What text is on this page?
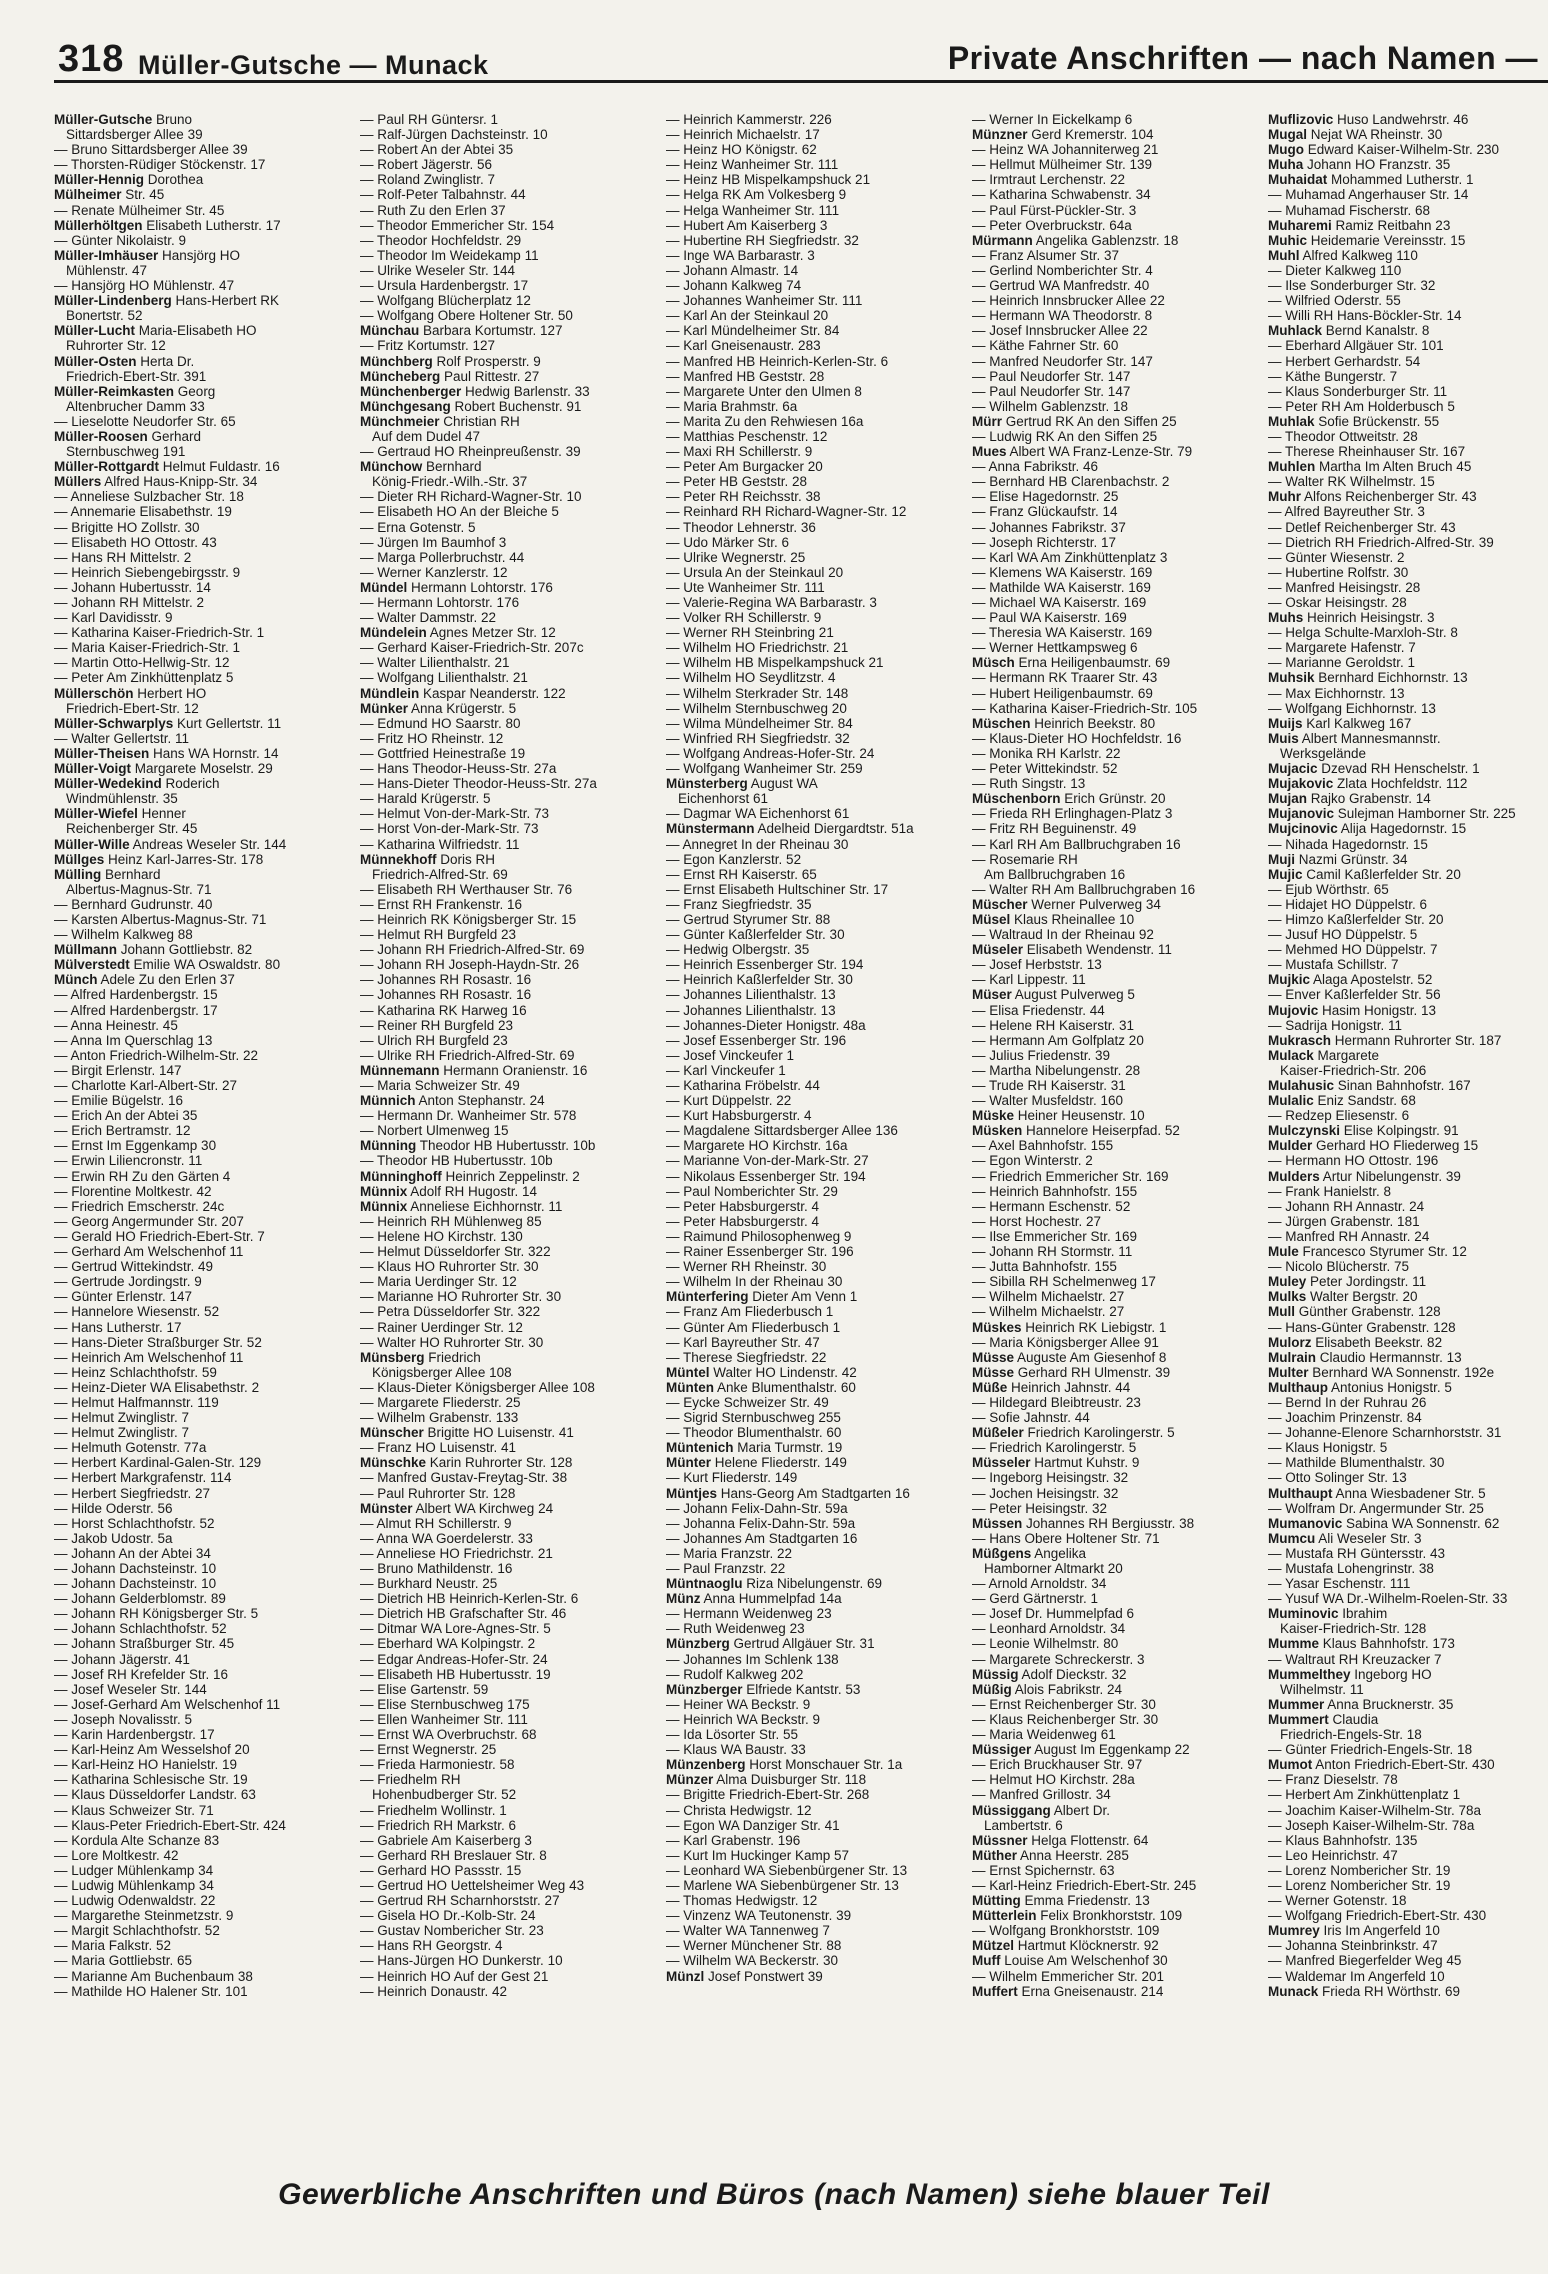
318 Müller-Gutsche — Munack	Private Anschriften — nach Namen —
Müller-Gutsche Bruno
Sittardsberger Allee 39
— Bruno Sittardsberger Allee 39
— Thorsten-Rüdiger Stöckenstr. 17
Müller-Hennig Dorothea
Mülheimer Str. 45
— Renate Mülheimer Str. 45
Müllerhöltgen Elisabeth Lutherstr. 17
— Günter Nikolaistr. 9
Müller-Imhäuser Hansjörg HO
Mühlenstr. 47
— Hansjörg HO Mühlenstr. 47
Müller-Lindenberg Hans-Herbert RK
Bonertstr. 52
Müller-Lucht Maria-Elisabeth HO
Ruhrorter Str. 12
Müller-Osten Herta Dr.
Friedrich-Ebert-Str. 391
Müller-Reimkasten Georg
Altenbrucher Damm 33
— Lieselotte Neudorfer Str. 65
Müller-Roosen Gerhard
Sternbuschweg 191
Müller-Rottgardt Helmut Fuldastr. 16
Müllers Alfred Haus-Knipp-Str. 34
— Anneliese Sulzbacher Str. 18
— Annemarie Elisabethstr. 19
— Brigitte HO Zollstr. 30
— Elisabeth HO Ottostr. 43
— Hans RH Mittelstr. 2
— Heinrich Siebengebirgsstr. 9
— Johann Hubertusstr. 14
— Johann RH Mittelstr. 2
— Karl Davidisstr. 9
— Katharina Kaiser-Friedrich-Str. 1
— Maria Kaiser-Friedrich-Str. 1
— Martin Otto-Hellwig-Str. 12
— Peter Am Zinkhüttenplatz 5
Müllerschön Herbert HO
Friedrich-Ebert-Str. 12
Müller-Schwarplys Kurt Gellertstr. 11
— Walter Gellertstr. 11
Müller-Theisen Hans WA Hornstr. 14
Müller-Voigt Margarete Moselstr. 29
Müller-Wedekind Roderich
Windmühlenstr. 35
Müller-Wiefel Henner
Reichenberger Str. 45
Müller-Wille Andreas Weseler Str. 144
Müllges Heinz Karl-Jarres-Str. 178
Mülling Bernhard
Albertus-Magnus-Str. 71
— Bernhard Gudrunstr. 40
— Karsten Albertus-Magnus-Str. 71
— Wilhelm Kalkweg 88
Müllmann Johann Gottliebstr. 82
Mülverstedt Emilie WA Oswaldstr. 80
Münch Adele Zu den Erlen 37
— Alfred Hardenbergstr. 15
— Alfred Hardenbergstr. 17
— Anna Heinestr. 45
— Anna Im Querschlag 13
— Anton Friedrich-Wilhelm-Str. 22
— Birgit Erlenstr. 147
— Charlotte Karl-Albert-Str. 27
— Emilie Bügelstr. 16
— Erich An der Abtei 35
— Erich Bertramstr. 12
— Ernst Im Eggenkamp 30
— Erwin Liliencronstr. 11
— Erwin RH Zu den Gärten 4
— Florentine Moltkestr. 42
— Friedrich Emscherstr. 24c
— Georg Angermunder Str. 207
— Gerald HO Friedrich-Ebert-Str. 7
— Gerhard Am Welschenhof 11
— Gertrud Wittekindstr. 49
— Gertrude Jordingstr. 9
— Günter Erlenstr. 147
— Hannelore Wiesenstr. 52
— Hans Lutherstr. 17
— Hans-Dieter Straßburger Str. 52
— Heinrich Am Welschenhof 11
— Heinz Schlachthofstr. 59
— Heinz-Dieter WA Elisabethstr. 2
— Helmut Halfmannstr. 119
— Helmut Zwinglistr. 7
— Helmut Zwinglistr. 7
— Helmuth Gotenstr. 77a
— Herbert Kardinal-Galen-Str. 129
— Herbert Markgrafenstr. 114
— Herbert Siegfriedstr. 27
— Hilde Oderstr. 56
— Horst Schlachthofstr. 52
— Jakob Udostr. 5a
— Johann An der Abtei 34
— Johann Dachsteinstr. 10
— Johann Dachsteinstr. 10
— Johann Gelderblomstr. 89
— Johann RH Königsberger Str. 5
— Johann Schlachthofstr. 52
— Johann Straßburger Str. 45
— Johann Jägerstr. 41
— Josef RH Krefelder Str. 16
— Josef Weseler Str. 144
— Josef-Gerhard Am Welschenhof 11
— Joseph Novalisstr. 5
— Karin Hardenbergstr. 17
— Karl-Heinz Am Wesselshof 20
— Karl-Heinz HO Hanielstr. 19
— Katharina Schlesische Str. 19
— Klaus Düsseldorfer Landstr. 63
— Klaus Schweizer Str. 71
— Klaus-Peter Friedrich-Ebert-Str. 424
— Kordula Alte Schanze 83
— Lore Moltkestr. 42
— Ludger Mühlenkamp 34
— Ludwig Mühlenkamp 34
— Ludwig Odenwaldstr. 22
— Margarethe Steinmetzstr. 9
— Margit Schlachthofstr. 52
— Maria Falkstr. 52
— Maria Gottliebstr. 65
— Marianne Am Buchenbaum 38
— Mathilde HO Halener Str. 101
— Paul RH Güntersr. 1
— Ralf-Jürgen Dachsteinstr. 10
— Robert An der Abtei 35
— Robert Jägerstr. 56
— Roland Zwinglistr. 7
— Rolf-Peter Talbahnstr. 44
— Ruth Zu den Erlen 37
— Theodor Emmericher Str. 154
— Theodor Hochfeldstr. 29
— Theodor Im Weidekamp 11
— Ulrike Weseler Str. 144
— Ursula Hardenbergstr. 17
— Wolfgang Blücherplatz 12
— Wolfgang Obere Holtener Str. 50
Münchau Barbara Kortumstr. 127
— Fritz Kortumstr. 127
Münchberg Rolf Prosperstr. 9
Müncheberg Paul Rittestr. 27
Münchenberger Hedwig Barlenstr. 33
Münchgesang Robert Buchenstr. 91
Münchmeier Christian RH
Auf dem Dudel 47
— Gertraud HO Rheinpreußenstr. 39
Münchow Bernhard
König-Friedr.-Wilh.-Str. 37
— Dieter RH Richard-Wagner-Str. 10
— Elisabeth HO An der Bleiche 5
— Erna Gotenstr. 5
— Jürgen Im Baumhof 3
— Marga Pollerbruchstr. 44
— Werner Kanzlerstr. 12
Mündel Hermann Lohtorstr. 176
— Hermann Lohtorstr. 176
— Walter Dammstr. 22
Mündelein Agnes Metzer Str. 12
— Gerhard Kaiser-Friedrich-Str. 207c
— Walter Lilienthalstr. 21
— Wolfgang Lilienthalstr. 21
Mündlein Kaspar Neanderstr. 122
Münker Anna Krügerstr. 5
— Edmund HO Saarstr. 80
— Fritz HO Rheinstr. 12
— Gottfried Heinestraße 19
— Hans Theodor-Heuss-Str. 27a
— Hans-Dieter Theodor-Heuss-Str. 27a
— Harald Krügerstr. 5
— Helmut Von-der-Mark-Str. 73
— Horst Von-der-Mark-Str. 73
— Katharina Wilfriedstr. 11
Münnekhoff Doris RH
Friedrich-Alfred-Str. 69
— Elisabeth RH Werthauser Str. 76
— Ernst RH Frankenstr. 16
— Heinrich RK Königsberger Str. 15
— Helmut RH Burgfeld 23
— Johann RH Friedrich-Alfred-Str. 69
— Johann RH Joseph-Haydn-Str. 26
— Johannes RH Rosastr. 16
— Johannes RH Rosastr. 16
— Katharina RK Harweg 16
— Reiner RH Burgfeld 23
— Ulrich RH Burgfeld 23
— Ulrike RH Friedrich-Alfred-Str. 69
Münnemann Hermann Oranienstr. 16
— Maria Schweizer Str. 49
Münnich Anton Stephanstr. 24
— Hermann Dr. Wanheimer Str. 578
— Norbert Ulmenweg 15
Münning Theodor HB Hubertusstr. 10b
— Theodor HB Hubertusstr. 10b
Münninghoff Heinrich Zeppelinstr. 2
Münnix Adolf RH Hugostr. 14
Münnix Anneliese Eichhornstr. 11
— Heinrich RH Mühlenweg 85
— Helene HO Kirchstr. 130
— Helmut Düsseldorfer Str. 322
— Klaus HO Ruhrorter Str. 30
— Maria Uerdinger Str. 12
— Marianne HO Ruhrorter Str. 30
— Petra Düsseldorfer Str. 322
— Rainer Uerdinger Str. 12
— Walter HO Ruhrorter Str. 30
Münsberg Friedrich
Königsberger Allee 108
— Klaus-Dieter Königsberger Allee 108
— Margarete Fliederstr. 25
— Wilhelm Grabenstr. 133
Münscher Brigitte HO Luisenstr. 41
— Franz HO Luisenstr. 41
Münschke Karin Ruhrorter Str. 128
— Manfred Gustav-Freytag-Str. 38
— Paul Ruhrorter Str. 128
Münster Albert WA Kirchweg 24
— Almut RH Schillerstr. 9
— Anna WA Goerdelerstr. 33
— Anneliese HO Friedrichstr. 21
— Bruno Mathildenstr. 16
— Burkhard Neustr. 25
— Dietrich HB Heinrich-Kerlen-Str. 6
— Dietrich HB Grafschafter Str. 46
— Ditmar WA Lore-Agnes-Str. 5
— Eberhard WA Kolpingstr. 2
— Edgar Andreas-Hofer-Str. 24
— Elisabeth HB Hubertusstr. 19
— Elise Gartenstr. 59
— Elise Sternbuschweg 175
— Ellen Wanheimer Str. 111
— Ernst WA Overbruchstr. 68
— Ernst Wegnerstr. 25
— Frieda Harmoniestr. 58
— Friedhelm RH
Hohenbudberger Str. 52
— Friedhelm Wollinstr. 1
— Friedrich RH Markstr. 6
— Gabriele Am Kaiserberg 3
— Gerhard RH Breslauer Str. 8
— Gerhard HO Passstr. 15
— Gertrud HO Uettelsheimer Weg 43
— Gertrud RH Scharnhorststr. 27
— Gisela HO Dr.-Kolb-Str. 24
— Gustav Nombericher Str. 23
— Hans RH Georgstr. 4
— Hans-Jürgen HO Dunkerstr. 10
— Heinrich HO Auf der Gest 21
— Heinrich Donaustr. 42
— Heinrich Kammerstr. 226
— Heinrich Michaelstr. 17
— Heinz HO Königstr. 62
— Heinz Wanheimer Str. 111
— Heinz HB Mispelkampshuck 21
— Helga RK Am Volkesberg 9
— Helga Wanheimer Str. 111
— Hubert Am Kaiserberg 3
— Hubertine RH Siegfriedstr. 32
— Inge WA Barbarastr. 3
— Johann Almastr. 14
— Johann Kalkweg 74
— Johannes Wanheimer Str. 111
— Karl An der Steinkaul 20
— Karl Mündelheimer Str. 84
— Karl Gneisenaustr. 283
— Manfred HB Heinrich-Kerlen-Str. 6
— Manfred HB Geststr. 28
— Margarete Unter den Ulmen 8
— Maria Brahmstr. 6a
— Marita Zu den Rehwiesen 16a
— Matthias Peschenstr. 12
— Maxi RH Schillerstr. 9
— Peter Am Burgacker 20
— Peter HB Geststr. 28
— Peter RH Reichsstr. 38
— Reinhard RH Richard-Wagner-Str. 12
— Theodor Lehnerstr. 36
— Udo Märker Str. 6
— Ulrike Wegnerstr. 25
— Ursula An der Steinkaul 20
— Ute Wanheimer Str. 111
— Valerie-Regina WA Barbarastr. 3
— Volker RH Schillerstr. 9
— Werner RH Steinbring 21
— Wilhelm HO Friedrichstr. 21
— Wilhelm HB Mispelkampshuck 21
— Wilhelm HO Seydlitzstr. 4
— Wilhelm Sterkrader Str. 148
— Wilhelm Sternbuschweg 20
— Wilma Mündelheimer Str. 84
— Winfried RH Siegfriedstr. 32
— Wolfgang Andreas-Hofer-Str. 24
— Wolfgang Wanheimer Str. 259
Münsterberg August WA
Eichenhorst 61
— Dagmar WA Eichenhorst 61
Münstermann Adelheid Diergardtstr. 51a
— Annegret In der Rheinau 30
— Egon Kanzlerstr. 52
— Ernst RH Kaiserstr. 65
— Ernst Elisabeth Hultschiner Str. 17
— Franz Siegfriedstr. 35
— Gertrud Styrumer Str. 88
— Günter Kaßlerfelder Str. 30
— Hedwig Olbergstr. 35
— Heinrich Essenberger Str. 194
— Heinrich Kaßlerfelder Str. 30
— Johannes Lilienthalstr. 13
— Johannes Lilienthalstr. 13
— Johannes-Dieter Honigstr. 48a
— Josef Essenberger Str. 196
— Josef Vinckeufer 1
— Karl Vinckeufer 1
— Katharina Fröbelstr. 44
— Kurt Düppelstr. 22
— Kurt Habsburgerstr. 4
— Magdalene Sittardsberger Allee 136
— Margarete HO Kirchstr. 16a
— Marianne Von-der-Mark-Str. 27
— Nikolaus Essenberger Str. 194
— Paul Nomberichter Str. 29
— Peter Habsburgerstr. 4
— Peter Habsburgerstr. 4
— Raimund Philosophenweg 9
— Rainer Essenberger Str. 196
— Werner RH Rheinstr. 30
— Wilhelm In der Rheinau 30
Münterfering Dieter Am Venn 1
— Franz Am Fliederbusch 1
— Günter Am Fliederbusch 1
— Karl Bayreuther Str. 47
— Therese Siegfriedstr. 22
Müntel Walter HO Lindenstr. 42
Münten Anke Blumenthalstr. 60
— Eycke Schweizer Str. 49
— Sigrid Sternbuschweg 255
— Theodor Blumenthalstr. 60
Müntenich Maria Turmstr. 19
Münter Helene Fliederstr. 149
— Kurt Fliederstr. 149
Müntjes Hans-Georg Am Stadtgarten 16
— Johann Felix-Dahn-Str. 59a
— Johanna Felix-Dahn-Str. 59a
— Johannes Am Stadtgarten 16
— Maria Franzstr. 22
— Paul Franzstr. 22
Müntnaoglu Riza Nibelungenstr. 69
Münz Anna Hummelpfad 14a
— Hermann Weidenweg 23
— Ruth Weidenweg 23
Münzberg Gertrud Allgäuer Str. 31
— Johannes Im Schlenk 138
— Rudolf Kalkweg 202
Münzberger Elfriede Kantstr. 53
— Heiner WA Beckstr. 9
— Heinrich WA Beckstr. 9
— Ida Lösorter Str. 55
— Klaus WA Baustr. 33
Münzenberg Horst Monschauer Str. 1a
Münzer Alma Duisburger Str. 118
— Brigitte Friedrich-Ebert-Str. 268
— Christa Hedwigstr. 12
— Egon WA Danziger Str. 41
— Karl Grabenstr. 196
— Kurt Im Huckinger Kamp 57
— Leonhard WA Siebenbürgener Str. 13
— Marlene WA Siebenbürgener Str. 13
— Thomas Hedwigstr. 12
— Vinzenz WA Teutonenstr. 39
— Walter WA Tannenweg 7
— Werner Münchener Str. 88
— Wilhelm WA Beckerstr. 30
Münzl Josef Ponstwert 39
— Werner In Eickelkamp 6
Münzner Gerd Kremerstr. 104
— Heinz WA Johanniterweg 21
— Hellmut Mülheimer Str. 139
— Irmtraut Lerchenstr. 22
— Katharina Schwabenstr. 34
— Paul Fürst-Pückler-Str. 3
— Peter Overbruckstr. 64a
Mürmann Angelika Gablenzstr. 18
— Franz Alsumer Str. 37
— Gerlind Nomberichter Str. 4
— Gertrud WA Manfredstr. 40
— Heinrich Innsbrucker Allee 22
— Hermann WA Theodorstr. 8
— Josef Innsbrucker Allee 22
— Käthe Fahrner Str. 60
— Manfred Neudorfer Str. 147
— Paul Neudorfer Str. 147
— Paul Neudorfer Str. 147
— Wilhelm Gablenzstr. 18
Mürr Gertrud RK An den Siffen 25
— Ludwig RK An den Siffen 25
Mues Albert WA Franz-Lenze-Str. 79
— Anna Fabrikstr. 46
— Bernhard HB Clarenbachstr. 2
— Elise Hagedornstr. 25
— Franz Glückaufstr. 14
— Johannes Fabrikstr. 37
— Joseph Richterstr. 17
— Karl WA Am Zinkhüttenplatz 3
— Klemens WA Kaiserstr. 169
— Mathilde WA Kaiserstr. 169
— Michael WA Kaiserstr. 169
— Paul WA Kaiserstr. 169
— Theresia WA Kaiserstr. 169
— Werner Hettkampsweg 6
Müsch Erna Heiligenbaumstr. 69
— Hermann RK Traarer Str. 43
— Hubert Heiligenbaumstr. 69
— Katharina Kaiser-Friedrich-Str. 105
Müschen Heinrich Beekstr. 80
— Klaus-Dieter HO Hochfeldstr. 16
— Monika RH Karlstr. 22
— Peter Wittekindstr. 52
— Ruth Singstr. 13
Müschenborn Erich Grünstr. 20
— Frieda RH Erlinghagen-Platz 3
— Fritz RH Beguinenstr. 49
— Karl RH Am Ballbruchgraben 16
— Rosemarie RH
Am Ballbruchgraben 16
— Walter RH Am Ballbruchgraben 16
Müscher Werner Pulverweg 34
Müsel Klaus Rheinallee 10
— Waltraud In der Rheinau 92
Müseler Elisabeth Wendenstr. 11
— Josef Herbststr. 13
— Karl Lippestr. 11
Müser August Pulverweg 5
— Elisa Friedenstr. 44
— Helene RH Kaiserstr. 31
— Hermann Am Golfplatz 20
— Julius Friedenstr. 39
— Martha Nibelungenstr. 28
— Trude RH Kaiserstr. 31
— Walter Musfeldstr. 160
Müske Heiner Heusenstr. 10
Müsken Hannelore Heiserpfad. 52
— Axel Bahnhofstr. 155
— Egon Winterstr. 2
— Friedrich Emmericher Str. 169
— Heinrich Bahnhofstr. 155
— Hermann Eschenstr. 52
— Horst Hochestr. 27
— Ilse Emmericher Str. 169
— Johann RH Stormstr. 11
— Jutta Bahnhofstr. 155
— Sibilla RH Schelmenweg 17
— Wilhelm Michaelstr. 27
— Wilhelm Michaelstr. 27
Müskes Heinrich RK Liebigstr. 1
— Maria Königsberger Allee 91
Müsse Auguste Am Giesenhof 8
Müsse Gerhard RH Ulmenstr. 39
Müße Heinrich Jahnstr. 44
— Hildegard Bleibtreustr. 23
— Sofie Jahnstr. 44
Müßeler Friedrich Karolingerstr. 5
— Friedrich Karolingerstr. 5
Müsseler Hartmut Kuhstr. 9
— Ingeborg Heisingstr. 32
— Jochen Heisingstr. 32
— Peter Heisingstr. 32
Müssen Johannes RH Bergiusstr. 38
— Hans Obere Holtener Str. 71
Müßgens Angelika
Hamborner Altmarkt 20
— Arnold Arnoldstr. 34
— Gerd Gärtnerstr. 1
— Josef Dr. Hummelpfad 6
— Leonhard Arnoldstr. 34
— Leonie Wilhelmstr. 80
— Margarete Schreckerstr. 3
Müssig Adolf Dieckstr. 32
Müßig Alois Fabrikstr. 24
— Ernst Reichenberger Str. 30
— Klaus Reichenberger Str. 30
— Maria Weidenweg 61
Müssiger August Im Eggenkamp 22
— Erich Bruckhauser Str. 97
— Helmut HO Kirchstr. 28a
— Manfred Grillostr. 34
Müssiggang Albert Dr.
Lambertstr. 6
Müssner Helga Flottenstr. 64
Müther Anna Heerstr. 285
— Ernst Spichernstr. 63
— Karl-Heinz Friedrich-Ebert-Str. 245
Mütting Emma Friedenstr. 13
Mütterlein Felix Bronkhorststr. 109
— Wolfgang Bronkhorststr. 109
Mützel Hartmut Klöcknerstr. 92
Muff Louise Am Welschenhof 30
— Wilhelm Emmericher Str. 201
Muffert Erna Gneisenaustr. 214
Muflizovic Huso Landwehrstr. 46
Mugal Nejat WA Rheinstr. 30
Mugo Edward Kaiser-Wilhelm-Str. 230
Muha Johann HO Franzstr. 35
Muhaidat Mohammed Lutherstr. 1
— Muhamad Angerhauser Str. 14
— Muhamad Fischerstr. 68
Muharemi Ramiz Reitbahn 23
Muhic Heidemarie Vereinsstr. 15
Muhl Alfred Kalkweg 110
— Dieter Kalkweg 110
— Ilse Sonderburger Str. 32
— Wilfried Oderstr. 55
— Willi RH Hans-Böckler-Str. 14
Muhlack Bernd Kanalstr. 8
— Eberhard Allgäuer Str. 101
— Herbert Gerhardstr. 54
— Käthe Bungerstr. 7
— Klaus Sonderburger Str. 11
— Peter RH Am Holderbusch 5
Muhlak Sofie Brückenstr. 55
— Theodor Ottweitstr. 28
— Therese Rheinhauser Str. 167
Muhlen Martha Im Alten Bruch 45
— Walter RK Wilhelmstr. 15
Muhr Alfons Reichenberger Str. 43
— Alfred Bayreuther Str. 3
— Detlef Reichenberger Str. 43
— Dietrich RH Friedrich-Alfred-Str. 39
— Günter Wiesenstr. 2
— Hubertine Rolfstr. 30
— Manfred Heisingstr. 28
— Oskar Heisingstr. 28
Muhs Heinrich Heisingstr. 3
— Helga Schulte-Marxloh-Str. 8
— Margarete Hafenstr. 7
— Marianne Geroldstr. 1
Muhsik Bernhard Eichhornstr. 13
— Max Eichhornstr. 13
— Wolfgang Eichhornstr. 13
Muijs Karl Kalkweg 167
Muis Albert Mannesmannstr.
Werksgelände
Mujacic Dzevad RH Henschelstr. 1
Mujakovic Zlata Hochfeldstr. 112
Mujan Rajko Grabenstr. 14
Mujanovic Sulejman Hamborner Str. 225
Mujcinovic Alija Hagedornstr. 15
— Nihada Hagedornstr. 15
Muji Nazmi Grünstr. 34
Mujic Camil Kaßlerfelder Str. 20
— Ejub Wörthstr. 65
— Hidajet HO Düppelstr. 6
— Himzo Kaßlerfelder Str. 20
— Jusuf HO Düppelstr. 5
— Mehmed HO Düppelstr. 7
— Mustafa Schillstr. 7
Mujkic Alaga Apostelstr. 52
— Enver Kaßlerfelder Str. 56
Mujovic Hasim Honigstr. 13
— Sadrija Honigstr. 11
Mukrasch Hermann Ruhrorter Str. 187
Mulack Margarete
Kaiser-Friedrich-Str. 206
Mulahusic Sinan Bahnhofstr. 167
Mulalic Eniz Sandstr. 68
— Redzep Eliesenstr. 6
Mulczynski Elise Kolpingstr. 91
Mulder Gerhard HO Fliederweg 15
— Hermann HO Ottostr. 196
Mulders Artur Nibelungenstr. 39
— Frank Hanielstr. 8
— Johann RH Annastr. 24
— Jürgen Grabenstr. 181
— Manfred RH Annastr. 24
Mule Francesco Styrumer Str. 12
— Nicolo Blücherstr. 75
Muley Peter Jordingstr. 11
Mulks Walter Bergstr. 20
Mull Günther Grabenstr. 128
— Hans-Günter Grabenstr. 128
Mulorz Elisabeth Beekstr. 82
Mulrain Claudio Hermannstr. 13
Multer Bernhard WA Sonnenstr. 192e
Multhaup Antonius Honigstr. 5
— Bernd In der Ruhrau 26
— Joachim Prinzenstr. 84
— Johanne-Elenore Scharnhorststr. 31
— Klaus Honigstr. 5
— Mathilde Blumenthalstr. 30
— Otto Solinger Str. 13
Multhaupt Anna Wiesbadener Str. 5
— Wolfram Dr. Angermunder Str. 25
Mumanovic Sabina WA Sonnenstr. 62
Mumcu Ali Weseler Str. 3
— Mustafa RH Güntersstr. 43
— Mustafa Lohengrinstr. 38
— Yasar Eschenstr. 111
— Yusuf WA Dr.-Wilhelm-Roelen-Str. 33
Muminovic Ibrahim
Kaiser-Friedrich-Str. 128
Mumme Klaus Bahnhofstr. 173
— Waltraut RH Kreuzacker 7
Mummelthey Ingeborg HO
Wilhelmstr. 11
Mummer Anna Brucknerstr. 35
Mummert Claudia
Friedrich-Engels-Str. 18
— Günter Friedrich-Engels-Str. 18
Mumot Anton Friedrich-Ebert-Str. 430
— Franz Dieselstr. 78
— Herbert Am Zinkhüttenplatz 1
— Joachim Kaiser-Wilhelm-Str. 78a
— Joseph Kaiser-Wilhelm-Str. 78a
— Klaus Bahnhofstr. 135
— Leo Heinrichstr. 47
— Lorenz Nombericher Str. 19
— Lorenz Nombericher Str. 19
— Werner Gotenstr. 18
— Wolfgang Friedrich-Ebert-Str. 430
Mumrey Iris Im Angerfeld 10
— Johanna Steinbrinkstr. 47
— Manfred Biegerfelder Weg 45
— Waldemar Im Angerfeld 10
Munack Frieda RH Wörthstr. 69
Gewerbliche Anschriften und Büros (nach Namen) siehe blauer Teil
